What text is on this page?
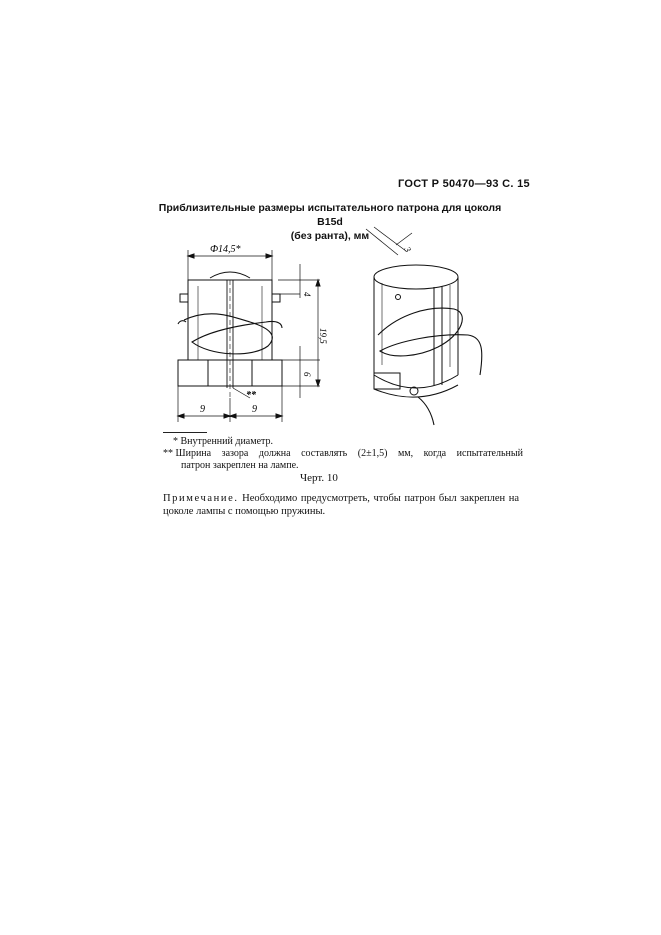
ГОСТ Р 50470—93 С. 15
Приблизительные размеры испытательного патрона для цоколя B15d
(без ранта), мм
Ф14,5*
4
19,5
6
9	9
**
3
* Внутренний диаметр.
** Ширина зазора должна составлять (2±1,5) мм, когда испытательный
патрон закреплен на лампе.
Черт. 10
Примечание. Необходимо предусмотреть, чтобы патрон был закреплен на цоколе лампы с помощью пружины.
